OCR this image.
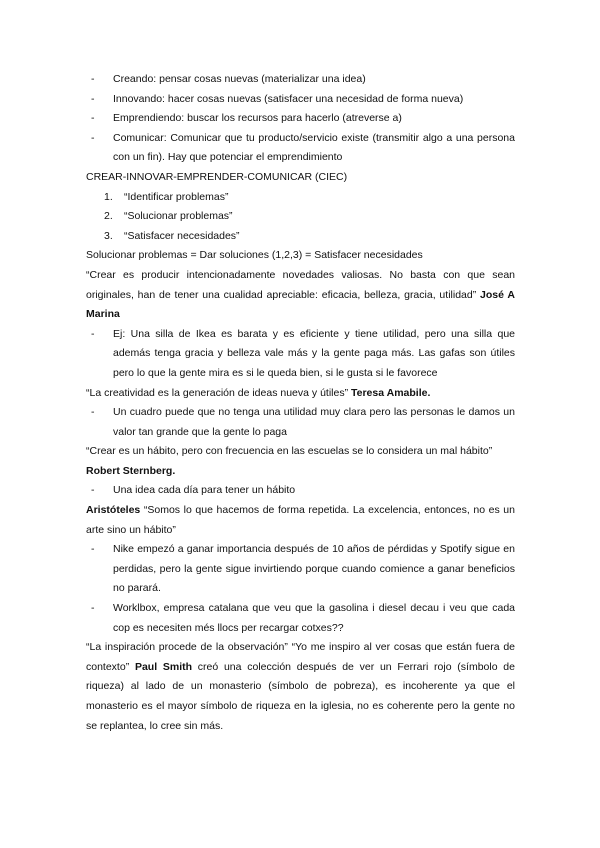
- Creando: pensar cosas nuevas (materializar una idea)
- Innovando: hacer cosas nuevas (satisfacer una necesidad de forma nueva)
- Emprendiendo: buscar los recursos para hacerlo (atreverse a)
- Comunicar: Comunicar que tu producto/servicio existe (transmitir algo a una persona con un fin). Hay que potenciar el emprendimiento
CREAR-INNOVAR-EMPRENDER-COMUNICAR (CIEC)
1. “Identificar problemas”
2. “Solucionar problemas”
3. “Satisfacer necesidades”
Solucionar problemas = Dar soluciones (1,2,3) = Satisfacer necesidades
“Crear es producir intencionadamente novedades valiosas. No basta con que sean originales, han de tener una cualidad apreciable: eficacia, belleza, gracia, utilidad” José A Marina
- Ej: Una silla de Ikea es barata y es eficiente y tiene utilidad, pero una silla que además tenga gracia y belleza vale más y la gente paga más. Las gafas son útiles pero lo que la gente mira es si le queda bien, si le gusta si le favorece
“La creatividad es la generación de ideas nueva y útiles” Teresa Amabile.
- Un cuadro puede que no tenga una utilidad muy clara pero las personas le damos un valor tan grande que la gente lo paga
“Crear es un hábito, pero con frecuencia en las escuelas se lo considera un mal hábito”
Robert Sternberg.
- Una idea cada día para tener un hábito
Aristóteles “Somos lo que hacemos de forma repetida. La excelencia, entonces, no es un arte sino un hábito”
- Nike empezó a ganar importancia después de 10 años de pérdidas y Spotify sigue en perdidas, pero la gente sigue invirtiendo porque cuando comience a ganar beneficios no parará.
- Worklbox, empresa catalana que veu que la gasolina i diesel decau i veu que cada cop es necesiten més llocs per recargar cotxes??
“La inspiración procede de la observación” “Yo me inspiro al ver cosas que están fuera de contexto” Paul Smith creó una colección después de ver un Ferrari rojo (símbolo de riqueza) al lado de un monasterio (símbolo de pobreza), es incoherente ya que el monasterio es el mayor símbolo de riqueza en la iglesia, no es coherente pero la gente no se replantea, lo cree sin más.
